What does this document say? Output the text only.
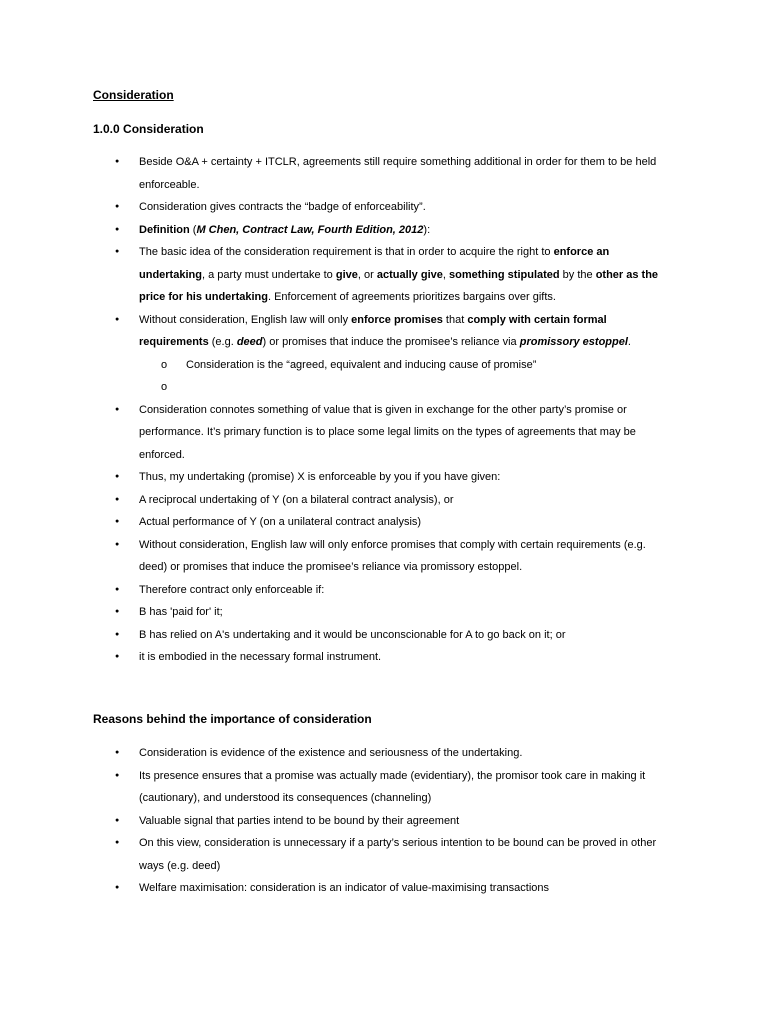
Consideration
1.0.0 Consideration
● Beside O&A + certainty + ITCLR, agreements still require something additional in order for them to be held enforceable.
● Consideration gives contracts the “badge of enforceability”.
● Definition (M Chen, Contract Law, Fourth Edition, 2012):
● The basic idea of the consideration requirement is that in order to acquire the right to enforce an undertaking, a party must undertake to give, or actually give, something stipulated by the other as the price for his undertaking. Enforcement of agreements prioritizes bargains over gifts.
● Without consideration, English law will only enforce promises that comply with certain formal requirements (e.g. deed) or promises that induce the promisee’s reliance via promissory estoppel.
o Consideration is the “agreed, equivalent and inducing cause of promise”
o
● Consideration connotes something of value that is given in exchange for the other party’s promise or performance. It’s primary function is to place some legal limits on the types of agreements that may be enforced.
● Thus, my undertaking (promise) X is enforceable by you if you have given:
● A reciprocal undertaking of Y (on a bilateral contract analysis), or
● Actual performance of Y (on a unilateral contract analysis)
● Without consideration, English law will only enforce promises that comply with certain requirements (e.g. deed) or promises that induce the promisee’s reliance via promissory estoppel.
● Therefore contract only enforceable if:
● B has 'paid for' it;
● B has relied on A's undertaking and it would be unconscionable for A to go back on it; or
● it is embodied in the necessary formal instrument.
Reasons behind the importance of consideration
● Consideration is evidence of the existence and seriousness of the undertaking.
● Its presence ensures that a promise was actually made (evidentiary), the promisor took care in making it (cautionary), and understood its consequences (channeling)
● Valuable signal that parties intend to be bound by their agreement
● On this view, consideration is unnecessary if a party’s serious intention to be bound can be proved in other ways (e.g. deed)
● Welfare maximisation: consideration is an indicator of value-maximising transactions
